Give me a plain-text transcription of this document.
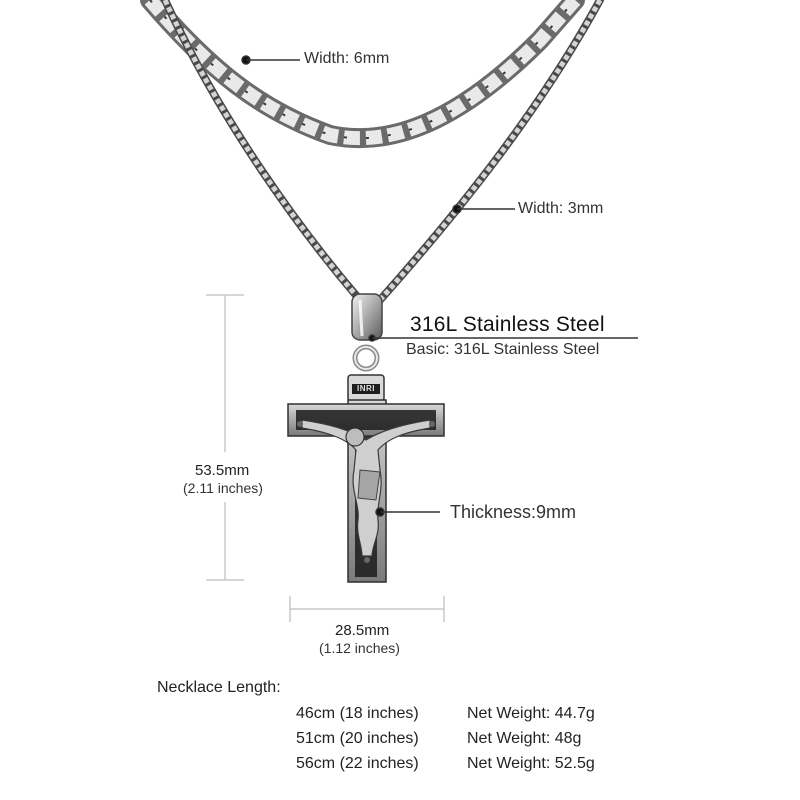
INRI
Width: 6mm
Width: 3mm
316L Stainless Steel
Basic: 316L Stainless Steel
Thickness:9mm
53.5mm
(2.11 inches)
28.5mm
(1.12 inches)
Necklace Length:
46cm (18 inches)	Net Weight: 44.7g
51cm (20 inches)	Net Weight: 48g
56cm (22 inches)	Net Weight: 52.5g
